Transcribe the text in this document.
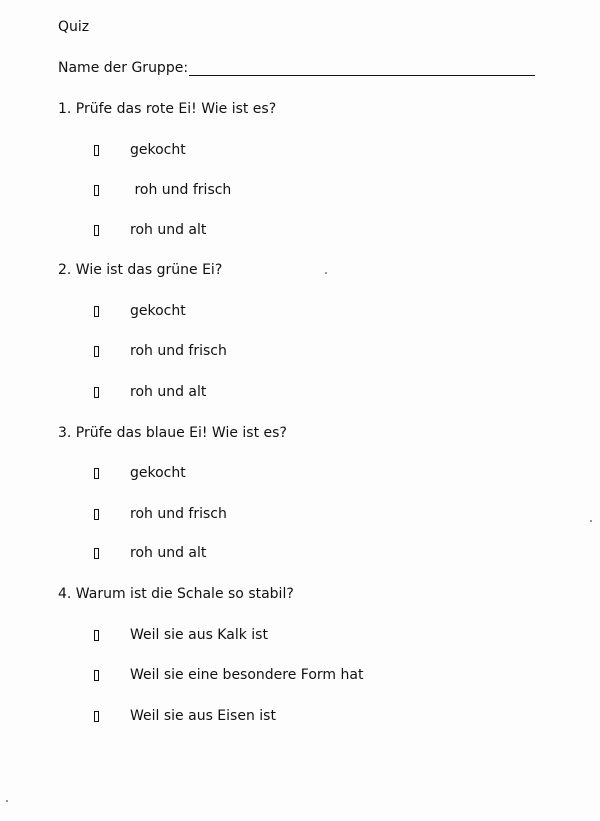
Quiz
Name der Gruppe:
1. Prüfe das rote Ei! Wie ist es?
gekocht
roh und frisch
roh und alt
2. Wie ist das grüne Ei?
gekocht
roh und frisch
roh und alt
3. Prüfe das blaue Ei! Wie ist es?
gekocht
roh und frisch
roh und alt
4. Warum ist die Schale so stabil?
Weil sie aus Kalk ist
Weil sie eine besondere Form hat
Weil sie aus Eisen ist
